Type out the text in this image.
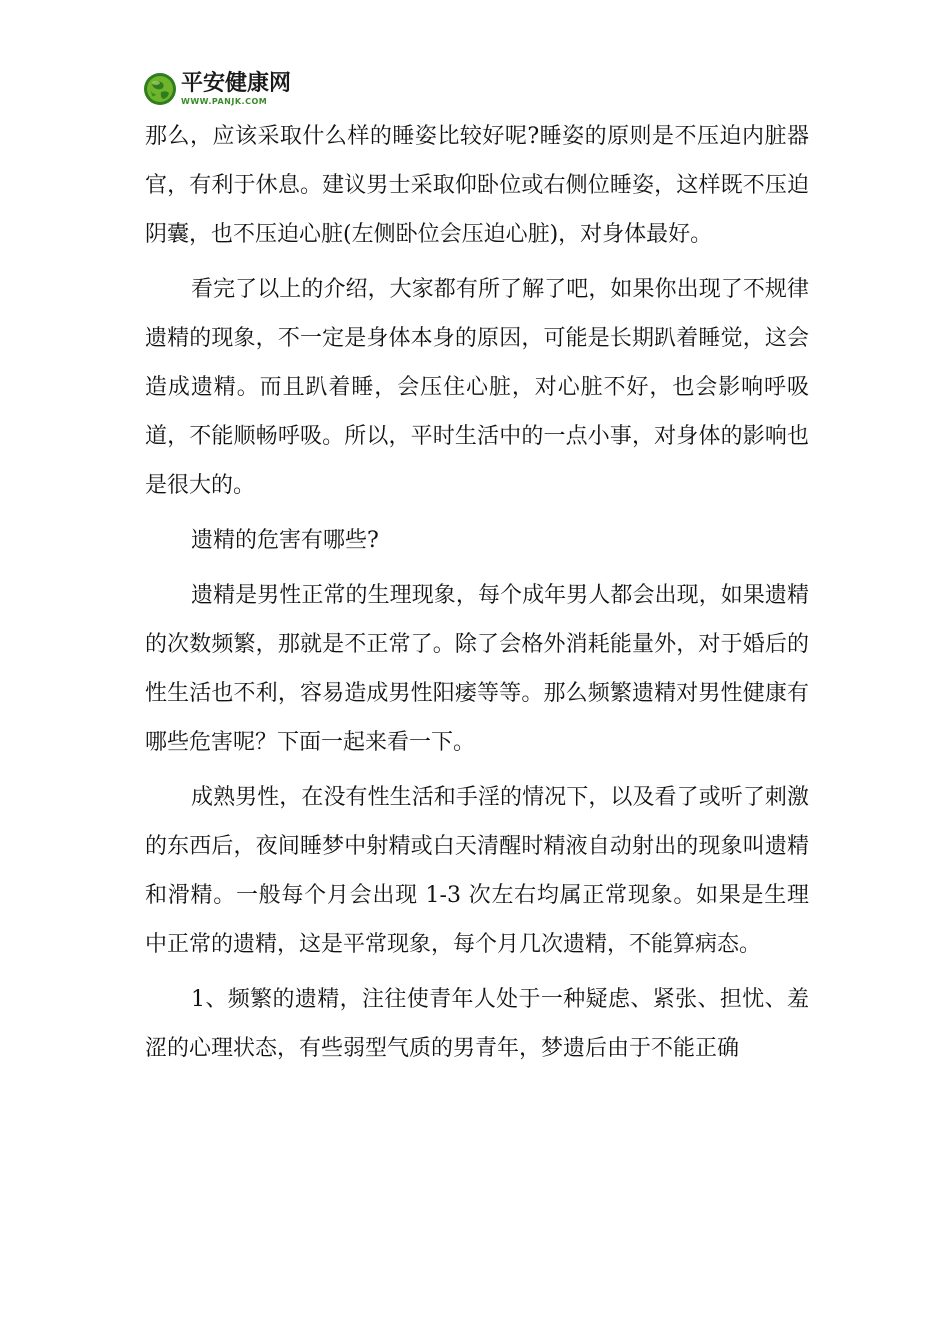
平安健康网
WWW.PANJK.COM

那么，应该采取什么样的睡姿比较好呢?睡姿的原则是不压迫内脏器官，有利于休息。建议男士采取仰卧位或右侧位睡姿，这样既不压迫阴囊，也不压迫心脏(左侧卧位会压迫心脏)，对身体最好。

看完了以上的介绍，大家都有所了解了吧，如果你出现了不规律遗精的现象，不一定是身体本身的原因，可能是长期趴着睡觉，这会造成遗精。而且趴着睡，会压住心脏，对心脏不好，也会影响呼吸道，不能顺畅呼吸。所以，平时生活中的一点小事，对身体的影响也是很大的。

遗精的危害有哪些?

遗精是男性正常的生理现象，每个成年男人都会出现，如果遗精的次数频繁，那就是不正常了。除了会格外消耗能量外，对于婚后的性生活也不利，容易造成男性阳痿等等。那么频繁遗精对男性健康有哪些危害呢？下面一起来看一下。

成熟男性，在没有性生活和手淫的情况下，以及看了或听了刺激的东西后，夜间睡梦中射精或白天清醒时精液自动射出的现象叫遗精和滑精。一般每个月会出现 1-3 次左右均属正常现象。如果是生理中正常的遗精，这是平常现象，每个月几次遗精，不能算病态。

1、频繁的遗精，注往使青年人处于一种疑虑、紧张、担忧、羞涩的心理状态，有些弱型气质的男青年，梦遗后由于不能正确
